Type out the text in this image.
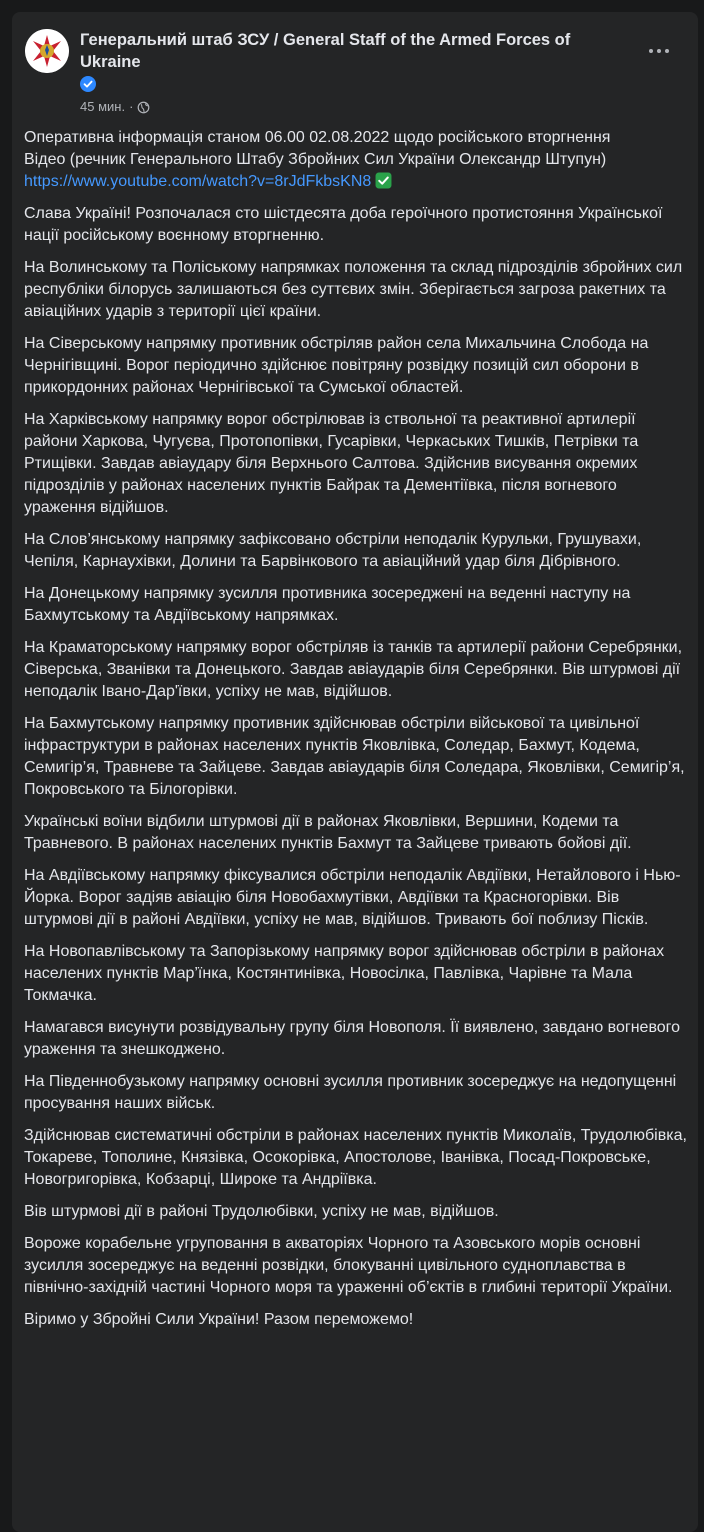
Генеральний штаб ЗСУ / General Staff of the Armed Forces of Ukraine
45 мин. ·

Оперативна інформація станом 06.00 02.08.2022 щодо російського вторгнення
Відео (речник Генерального Штабу Збройних Сил України Олександр Штупун)
https://www.youtube.com/watch?v=8rJdFkbsKN8

Слава Україні! Розпочалася сто шістдесята доба героїчного протистояння Української нації російському воєнному вторгненню.

На Волинському та Поліському напрямках положення та склад підрозділів збройних сил республіки білорусь залишаються без суттєвих змін. Зберігається загроза ракетних та авіаційних ударів з території цієї країни.

На Сіверському напрямку противник обстріляв район села Михальчина Слобода на Чернігівщині. Ворог періодично здійснює повітряну розвідку позицій сил оборони в прикордонних районах Чернігівської та Сумської областей.

На Харківському напрямку ворог обстрілював із ствольної та реактивної артилерії райони Харкова, Чугуєва, Протопопівки, Гусарівки, Черкаських Тишків, Петрівки та Ртищівки. Завдав авіаудару біля Верхнього Салтова. Здійснив висування окремих підрозділів у районах населених пунктів Байрак та Дементіївка, після вогневого ураження відійшов.

На Слов’янському напрямку зафіксовано обстріли неподалік Курульки, Грушувахи, Чепіля, Карнаухівки, Долини та Барвінкового та авіаційний удар біля Дібрівного.

На Донецькому напрямку зусилля противника зосереджені на веденні наступу на Бахмутському та Авдіївському напрямках.

На Краматорському напрямку ворог обстріляв із танків та артилерії райони Серебрянки, Сіверська, Званівки та Донецького. Завдав авіаударів біля Серебрянки. Вів штурмові дії неподалік Івано-Дар'ївки, успіху не мав, відійшов.

На Бахмутському напрямку противник здійснював обстріли військової та цивільної інфраструктури в районах населених пунктів Яковлівка, Соледар, Бахмут, Кодема, Семигір’я, Травневе та Зайцеве. Завдав авіаударів біля Соледара, Яковлівки, Семигір’я, Покровського та Білогорівки.

Українські воїни відбили штурмові дії в районах Яковлівки, Вершини, Кодеми та Травневого. В районах населених пунктів Бахмут та Зайцеве тривають бойові дії.

На Авдіївському напрямку фіксувалися обстріли неподалік Авдіївки, Нетайлового і Нью-Йорка. Ворог задіяв авіацію біля Новобахмутівки, Авдіївки та Красногорівки. Вів штурмові дії в районі Авдіївки, успіху не мав, відійшов. Тривають бої поблизу Пісків.

На Новопавлівському та Запорізькому напрямку ворог здійснював обстріли в районах населених пунктів Мар’їнка, Костянтинівка, Новосілка, Павлівка, Чарівне та Мала Токмачка.

Намагався висунути розвідувальну групу біля Новополя. Її виявлено, завдано вогневого ураження та знешкоджено.

На Південнобузькому напрямку основні зусилля противник зосереджує на недопущенні просування наших військ.

Здійснював систематичні обстріли в районах населених пунктів Миколаїв, Трудолюбівка, Токареве, Тополине, Князівка, Осокорівка, Апостолове, Іванівка, Посад-Покровське, Новогригорівка, Кобзарці, Широке та Андріївка.

Вів штурмові дії в районі Трудолюбівки, успіху не мав, відійшов.

Вороже корабельне угруповання в акваторіях Чорного та Азовського морів основні зусилля зосереджує на веденні розвідки, блокуванні цивільного судноплавства в північно-західній частині Чорного моря та ураженні об’єктів в глибині території України.

Віримо у Збройні Сили України! Разом переможемо!
